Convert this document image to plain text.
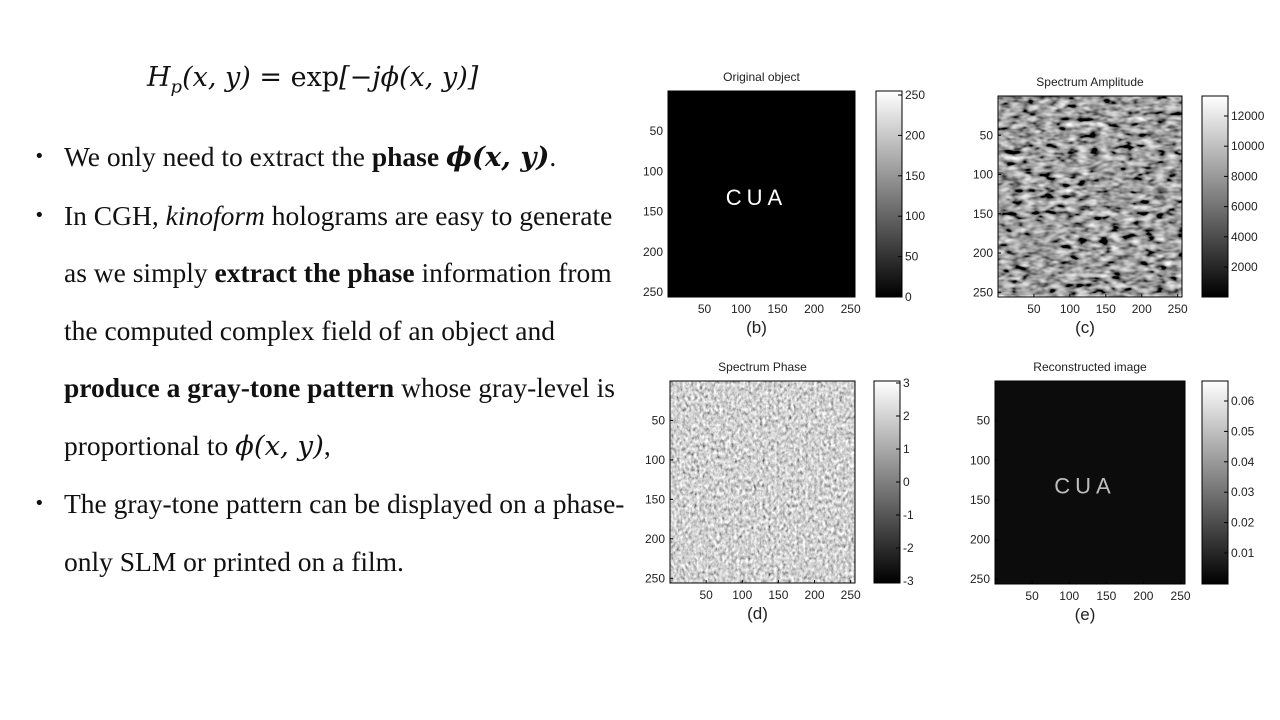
$H_p(x$, y) = exp[−jϕ(x, y)]
• We only need to extract the phase ϕ(x, y).
• In CGH, kinoform holograms are easy to generate as we simply extract the phase information from the computed complex field of an object and produce a gray-tone pattern whose gray-level is proportional to ϕ(x, y),
• The gray-tone pattern can be displayed on a phase-only SLM or printed on a film.
Original object
(b)
CUA
50
50
100
100
150
150
200
200
250
250
250
200
150
100
50
0
Spectrum Amplitude
(c)
50
50
100
100
150
150
200
200
250
250
12000
10000
8000
6000
4000
2000
Spectrum Phase
(d)
50
50
100
100
150
150
200
200
250
250
3
2
1
0
-1
-2
-3
Reconstructed image
(e)
CUA
50
50
100
100
150
150
200
200
250
250
0.06
0.05
0.04
0.03
0.02
0.01
